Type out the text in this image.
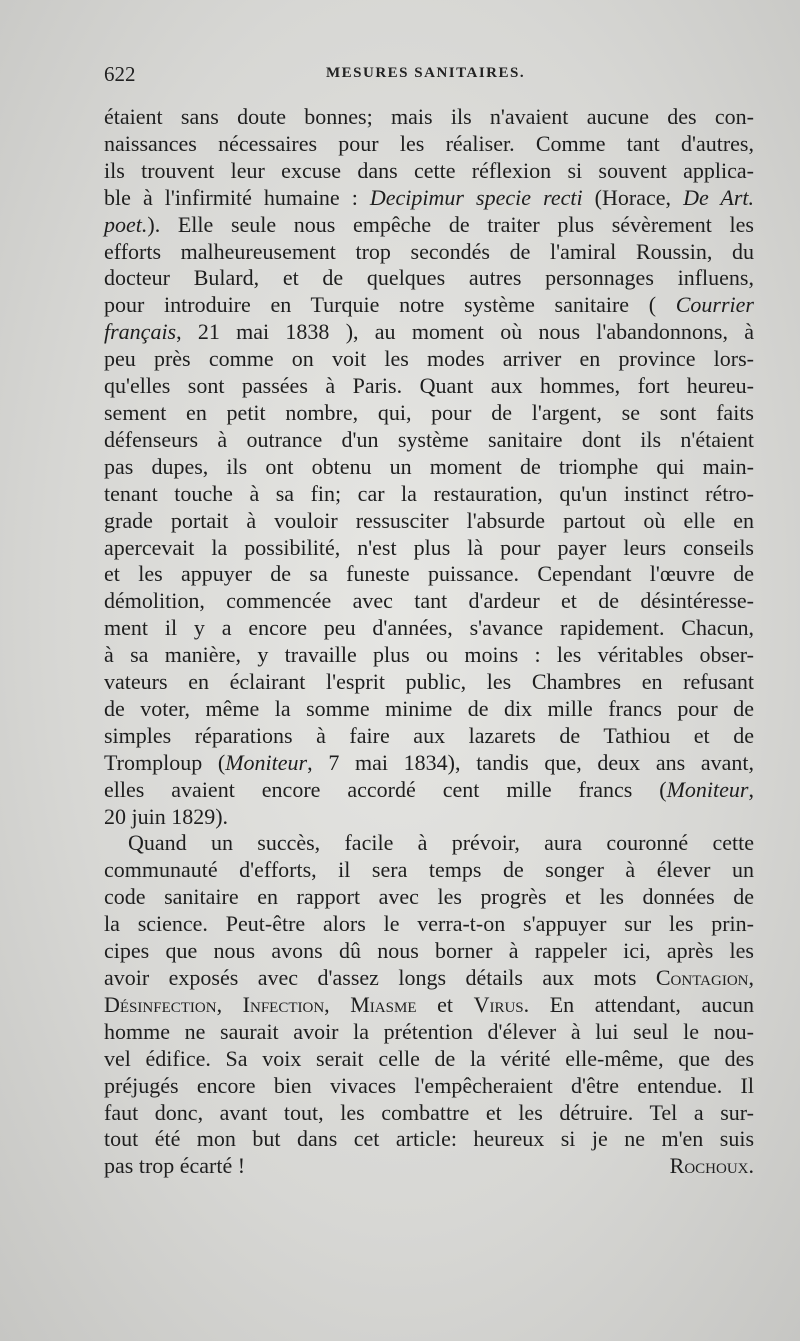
622	MESURES SANITAIRES.
étaient sans doute bonnes; mais ils n'avaient aucune des con-
naissances nécessaires pour les réaliser. Comme tant d'autres,
ils trouvent leur excuse dans cette réflexion si souvent applica-
ble à l'infirmité humaine : Decipimur specie recti (Horace, De Art.
poet.). Elle seule nous empêche de traiter plus sévèrement les
efforts malheureusement trop secondés de l'amiral Roussin, du
docteur Bulard, et de quelques autres personnages influens,
pour introduire en Turquie notre système sanitaire ( Courrier
français, 21 mai 1838 ), au moment où nous l'abandonnons, à
peu près comme on voit les modes arriver en province lors-
qu'elles sont passées à Paris. Quant aux hommes, fort heureu-
sement en petit nombre, qui, pour de l'argent, se sont faits
défenseurs à outrance d'un système sanitaire dont ils n'étaient
pas dupes, ils ont obtenu un moment de triomphe qui main-
tenant touche à sa fin; car la restauration, qu'un instinct rétro-
grade portait à vouloir ressusciter l'absurde partout où elle en
apercevait la possibilité, n'est plus là pour payer leurs conseils
et les appuyer de sa funeste puissance. Cependant l'œuvre de
démolition, commencée avec tant d'ardeur et de désintéresse-
ment il y a encore peu d'années, s'avance rapidement. Chacun,
à sa manière, y travaille plus ou moins : les véritables obser-
vateurs en éclairant l'esprit public, les Chambres en refusant
de voter, même la somme minime de dix mille francs pour de
simples réparations à faire aux lazarets de Tathiou et de
Tromploup (Moniteur, 7 mai 1834), tandis que, deux ans avant,
elles avaient encore accordé cent mille francs (Moniteur,
20 juin 1829).
Quand un succès, facile à prévoir, aura couronné cette
communauté d'efforts, il sera temps de songer à élever un
code sanitaire en rapport avec les progrès et les données de
la science. Peut-être alors le verra-t-on s'appuyer sur les prin-
cipes que nous avons dû nous borner à rappeler ici, après les
avoir exposés avec d'assez longs détails aux mots Contagion,
Désinfection, Infection, Miasme et Virus. En attendant, aucun
homme ne saurait avoir la prétention d'élever à lui seul le nou-
vel édifice. Sa voix serait celle de la vérité elle-même, que des
préjugés encore bien vivaces l'empêcheraient d'être entendue. Il
faut donc, avant tout, les combattre et les détruire. Tel a sur-
tout été mon but dans cet article: heureux si je ne m'en suis
pas trop écarté !	Rochoux.
